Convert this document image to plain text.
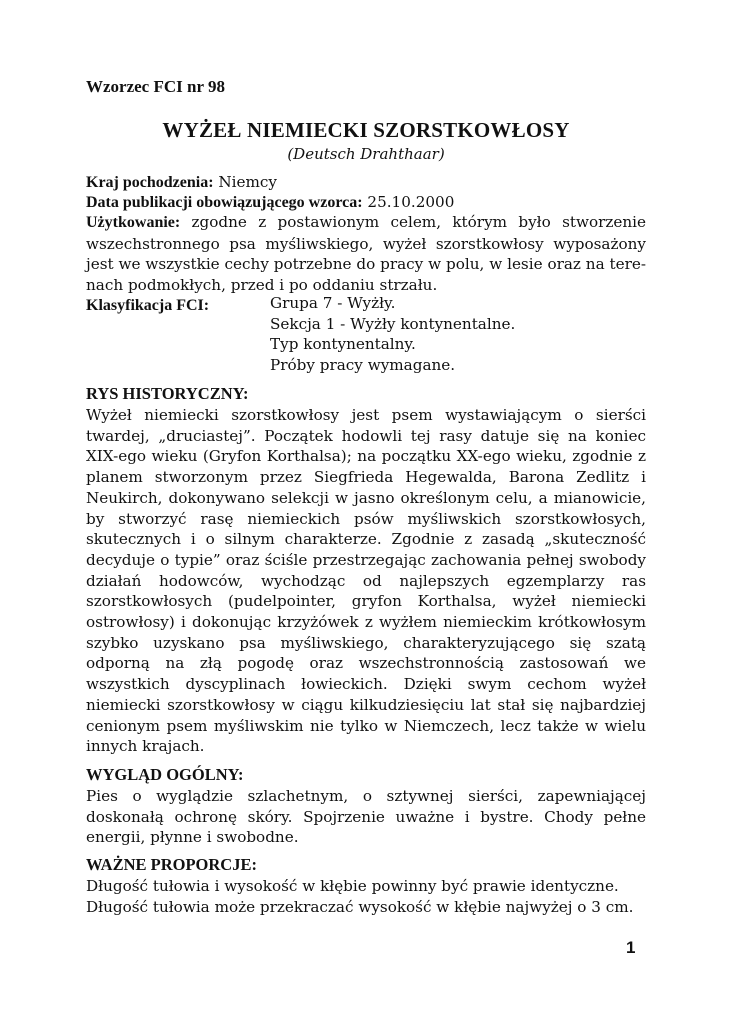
Wzorzec FCI nr 98
WYŻEŁ NIEMIECKI SZORSTKOWŁOSY
(Deutsch Drahthaar)
Kraj pochodzenia: Niemcy
Data publikacji obowiązującego wzorca: 25.10.2000
Użytkowanie: zgodne z postawionym celem, którym było stworzenie wszechstronnego psa myśliwskiego, wyżeł szorstkowłosy wyposażony jest we wszystkie cechy potrzebne do pracy w polu, w lesie oraz na terenach podmokłych, przed i po oddaniu strzału.
Klasyfikacja FCI:	Grupa 7 - Wyżły.
Sekcja 1 - Wyżły kontynentalne.
Typ kontynentalny.
Próby pracy wymagane.
RYS HISTORYCZNY:
Wyżeł niemiecki szorstkowłosy jest psem wystawiającym o sierści twardej, „druciastej”. Początek hodowli tej rasy datuje się na koniec XIX-ego wieku (Gryfon Korthalsa); na początku XX-ego wieku, zgodnie z planem stworzonym przez Siegfrieda Hegewalda, Barona Zedlitz i Neukirch, dokonywano selekcji w jasno określonym celu, a mianowicie, by stworzyć rasę niemieckich psów myśliwskich szorstkowłosych, skutecznych i o silnym charakterze. Zgodnie z zasadą „skuteczność decyduje o typie” oraz ściśle przestrzegając zachowania pełnej swobody działań hodowców, wychodząc od najlepszych egzemplarzy ras szorstkowłosych (pudelpointer, gryfon Korthalsa, wyżeł niemiecki ostrowłosy) i dokonując krzyżówek z wyżłem niemieckim krótkowłosym szybko uzyskano psa myśliwskiego, charakteryzującego się szatą odporną na złą pogodę oraz wszechstronnością zastosowań we wszystkich dyscyplinach łowieckich. Dzięki swym cechom wyżeł niemiecki szorstkowłosy w ciągu kilkudziesięciu lat stał się najbardziej cenionym psem myśliwskim nie tylko w Niemczech, lecz także w wielu innych krajach.
WYGLĄD OGÓLNY:
Pies o wyglądzie szlachetnym, o sztywnej sierści, zapewniającej doskonałą ochronę skóry. Spojrzenie uważne i bystre. Chody pełne energii, płynne i swobodne.
WAŻNE PROPORCJE:
Długość tułowia i wysokość w kłębie powinny być prawie identyczne.
Długość tułowia może przekraczać wysokość w kłębie najwyżej o 3 cm.
1
